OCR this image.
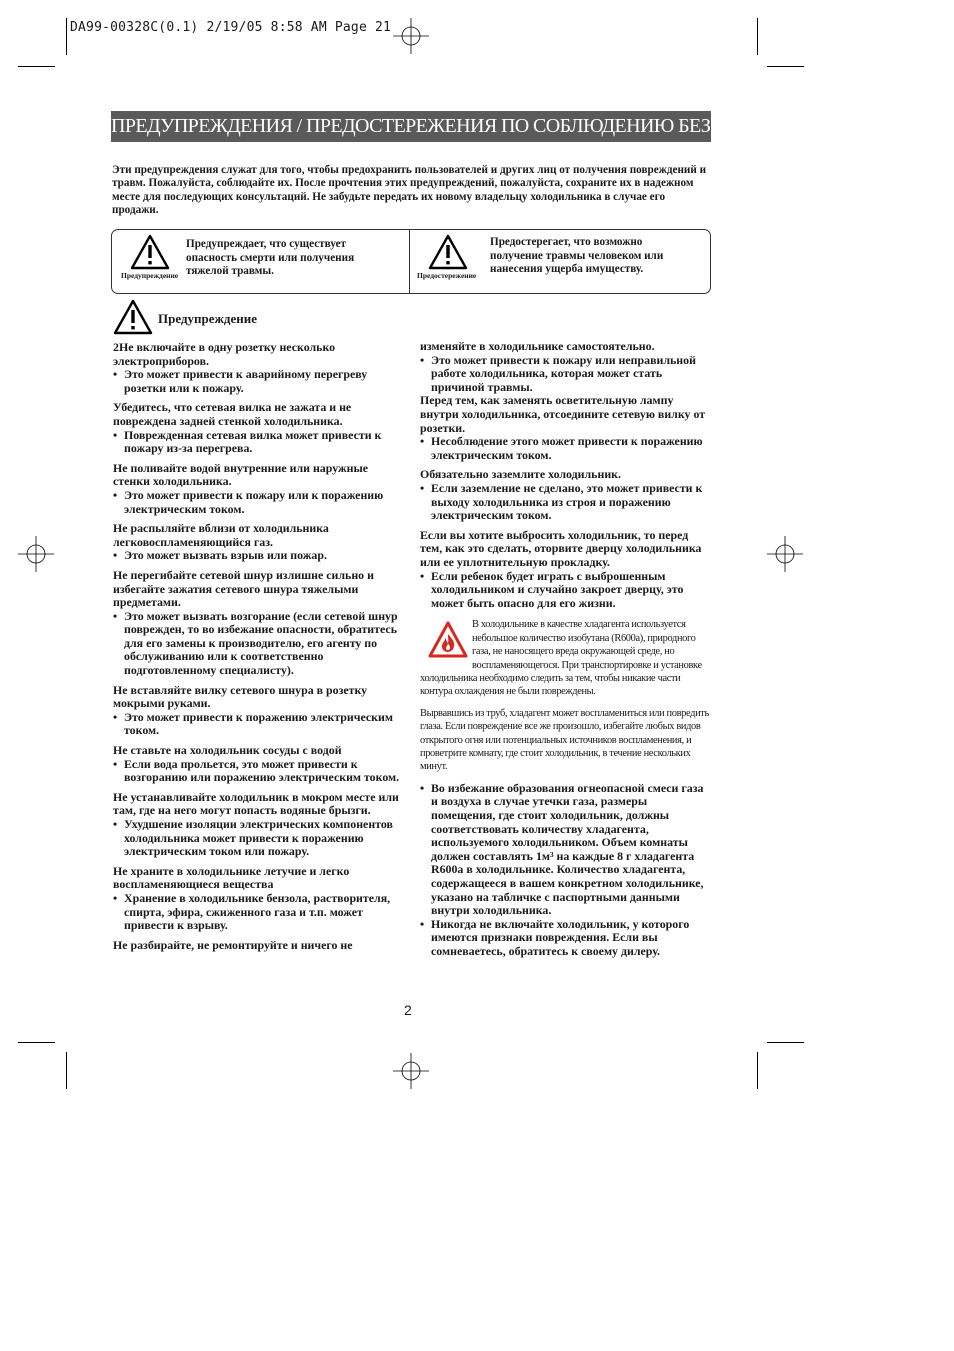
DA99-00328C(0.1) 2/19/05 8:58 AM Page 21
ПРЕДУПРЕЖДЕНИЯ / ПРЕДОСТЕРЕЖЕНИЯ ПО СОБЛЮДЕНИЮ БЕЗОПАСНОСТИ
Эти предупреждения служат для того, чтобы предохранить пользователей и других лиц от получения повреждений и травм. Пожалуйста, соблюдайте их. После прочтения этих предупреждений, пожалуйста, сохраните их в надежном месте для последующих консультаций. Не забудьте передать их новому владельцу холодильника в случае его продажи.
Предупреждение
Предупреждает, что существует опасность смерти или получения тяжелой травмы.	Предостережение
Предостерегает, что возможно получение травмы человеком или нанесения ущерба имуществу.
Предупреждение

2Не включайте в одну розетку несколько электроприборов.

• Это может привести к аварийному перегреву розетки или к пожару.

Убедитесь, что сетевая вилка не зажата и не повреждена задней стенкой холодильника.

• Поврежденная сетевая вилка может привести к пожару из-за перегрева.

Не поливайте водой внутренние или наружные стенки холодильника.

• Это может привести к пожару или к поражению электрическим током.

Не распыляйте вблизи от холодильника легковоспламеняющийся газ.

• Это может вызвать взрыв или пожар.

Не перегибайте сетевой шнур излишне сильно и избегайте зажатия сетевого шнура тяжелыми предметами.

• Это может вызвать возгорание (если сетевой шнур поврежден, то во избежание опасности, обратитесь для его замены к производителю, его агенту по обслуживанию или к соответственно подготовленному специалисту).

Не вставляйте вилку сетевого шнура в розетку мокрыми руками.

• Это может привести к поражению электрическим током.

Не ставьте на холодильник сосуды с водой

• Если вода прольется, это может привести к возгоранию или поражению электрическим током.

Не устанавливайте холодильник в мокром месте или там, где на него могут попасть водяные брызги.

• Ухудшение изоляции электрических компонентов холодильника может привести к поражению электрическим током или пожару.

Не храните в холодильнике летучие и легко воспламеняющиеся вещества

• Хранение в холодильнике бензола, растворителя, спирта, эфира, сжиженного газа и т.п. может привести к взрыву.

Не разбирайте, не ремонтируйте и ничего не

изменяйте в холодильнике самостоятельно.

• Это может привести к пожару или неправильной работе холодильника, которая может стать причиной травмы.

Перед тем, как заменять осветительную лампу внутри холодильника, отсоедините сетевую вилку от розетки.

• Несоблюдение этого может привести к поражению электрическим током.

Обязательно заземлите холодильник.

• Если заземление не сделано, это может привести к выходу холодильника из строя и поражению электрическим током.

Если вы хотите выбросить холодильник, то перед тем, как это сделать, оторвите дверцу холодильника или ее уплотнительную прокладку.

• Если ребенок будет играть с выброшенным холодильником и случайно закроет дверцу, это может быть опасно для его жизни.

В холодильнике в качестве хладагента используется небольшое количество изобутана (R600a), природного газа, не наносящего вреда окружающей среде, но воспламеняющегося. При транспортировке и установке холодильника необходимо следить за тем, чтобы никакие части контура охлаждения не были повреждены.

Вырвавшись из труб, хладагент может воспламениться или повредить глаза. Если повреждение все же произошло, избегайте любых видов открытого огня или потенциальных источников воспламенения, и проветрите комнату, где стоит холодильник, в течение нескольких минут.

• Во избежание образования огнеопасной смеси газа и воздуха в случае утечки газа, размеры помещения, где стоит холодильник, должны соответствовать количеству хладагента, используемого холодильником. Объем комнаты должен составлять 1м³ на каждые 8 г хладагента R600a в холодильнике. Количество хладагента, содержащееся в вашем конкретном холодильнике, указано на табличке с паспортными данными внутри холодильника.
• Никогда не включайте холодильник, у которого имеются признаки повреждения. Если вы сомневаетесь, обратитесь к своему дилеру.
2
